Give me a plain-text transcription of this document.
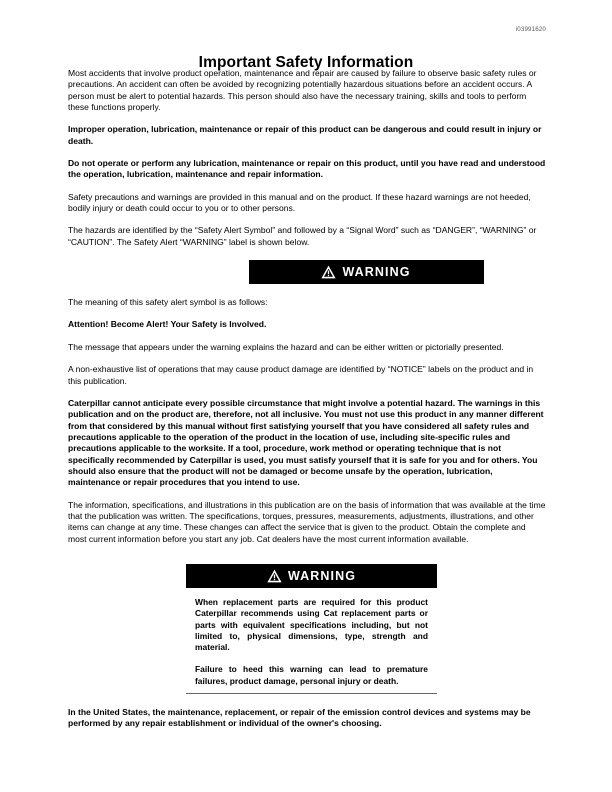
i03991620
Important Safety Information

Most accidents that involve product operation, maintenance and repair are caused by failure to observe basic safety rules or precautions. An accident can often be avoided by recognizing potentially hazardous situations before an accident occurs. A person must be alert to potential hazards. This person should also have the necessary training, skills and tools to perform these functions properly.

Improper operation, lubrication, maintenance or repair of this product can be dangerous and could result in injury or death.

Do not operate or perform any lubrication, maintenance or repair on this product, until you have read and understood the operation, lubrication, maintenance and repair information.

Safety precautions and warnings are provided in this manual and on the product. If these hazard warnings are not heeded, bodily injury or death could occur to you or to other persons.

The hazards are identified by the “Safety Alert Symbol” and followed by a “Signal Word” such as “DANGER”, “WARNING” or “CAUTION”. The Safety Alert “WARNING” label is shown below.

WARNING

The meaning of this safety alert symbol is as follows:

Attention! Become Alert! Your Safety is Involved.

The message that appears under the warning explains the hazard and can be either written or pictorially presented.

A non-exhaustive list of operations that may cause product damage are identified by “NOTICE” labels on the product and in this publication.

Caterpillar cannot anticipate every possible circumstance that might involve a potential hazard. The warnings in this publication and on the product are, therefore, not all inclusive. You must not use this product in any manner different from that considered by this manual without first satisfying yourself that you have considered all safety rules and precautions applicable to the operation of the product in the location of use, including site-specific rules and precautions applicable to the worksite. If a tool, procedure, work method or operating technique that is not specifically recommended by Caterpillar is used, you must satisfy yourself that it is safe for you and for others. You should also ensure that the product will not be damaged or become unsafe by the operation, lubrication, maintenance or repair procedures that you intend to use.

The information, specifications, and illustrations in this publication are on the basis of information that was available at the time that the publication was written. The specifications, torques, pressures, measurements, adjustments, illustrations, and other items can change at any time. These changes can affect the service that is given to the product. Obtain the complete and most current information before you start any job. Cat dealers have the most current information available.

WARNING

When replacement parts are required for this product Caterpillar recommends using Cat replacement parts or parts with equivalent specifications including, but not limited to, physical dimensions, type, strength and material.

Failure to heed this warning can lead to premature failures, product damage, personal injury or death.

In the United States, the maintenance, replacement, or repair of the emission control devices and systems may be performed by any repair establishment or individual of the owner's choosing.
